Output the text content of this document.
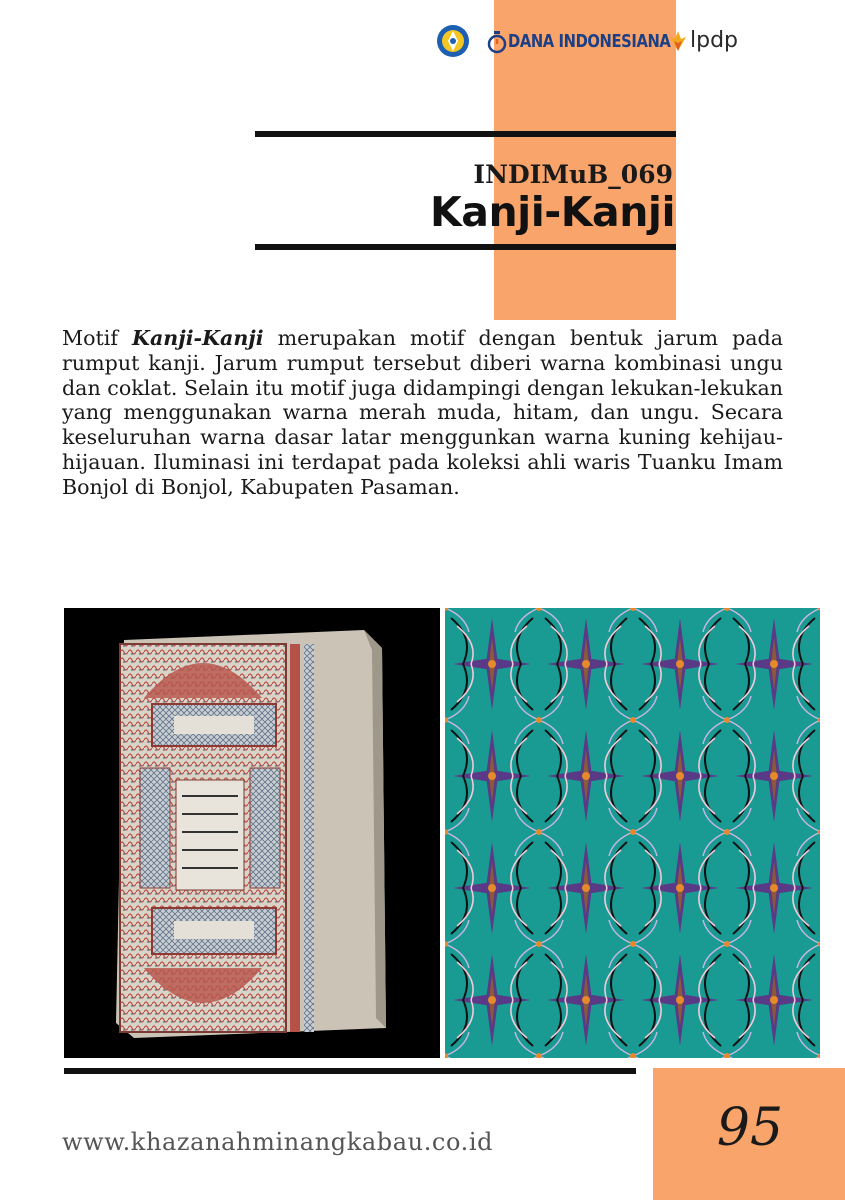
DANA INDONESIANA lpdp
INDIMuB_069
Kanji-Kanji
Motif Kanji-Kanji merupakan motif dengan bentuk jarum pada rumput kanji. Jarum rumput tersebut diberi warna kombinasi ungu dan coklat. Selain itu motif juga didampingi dengan lekukan-lekukan yang menggunakan warna merah muda, hitam, dan ungu. Secara keseluruhan warna dasar latar menggunkan warna kuning kehijau-hijauan. Iluminasi ini terdapat pada koleksi ahli waris Tuanku Imam Bonjol di Bonjol, Kabupaten Pasaman.
www.khazanahminangkabau.co.id	95
